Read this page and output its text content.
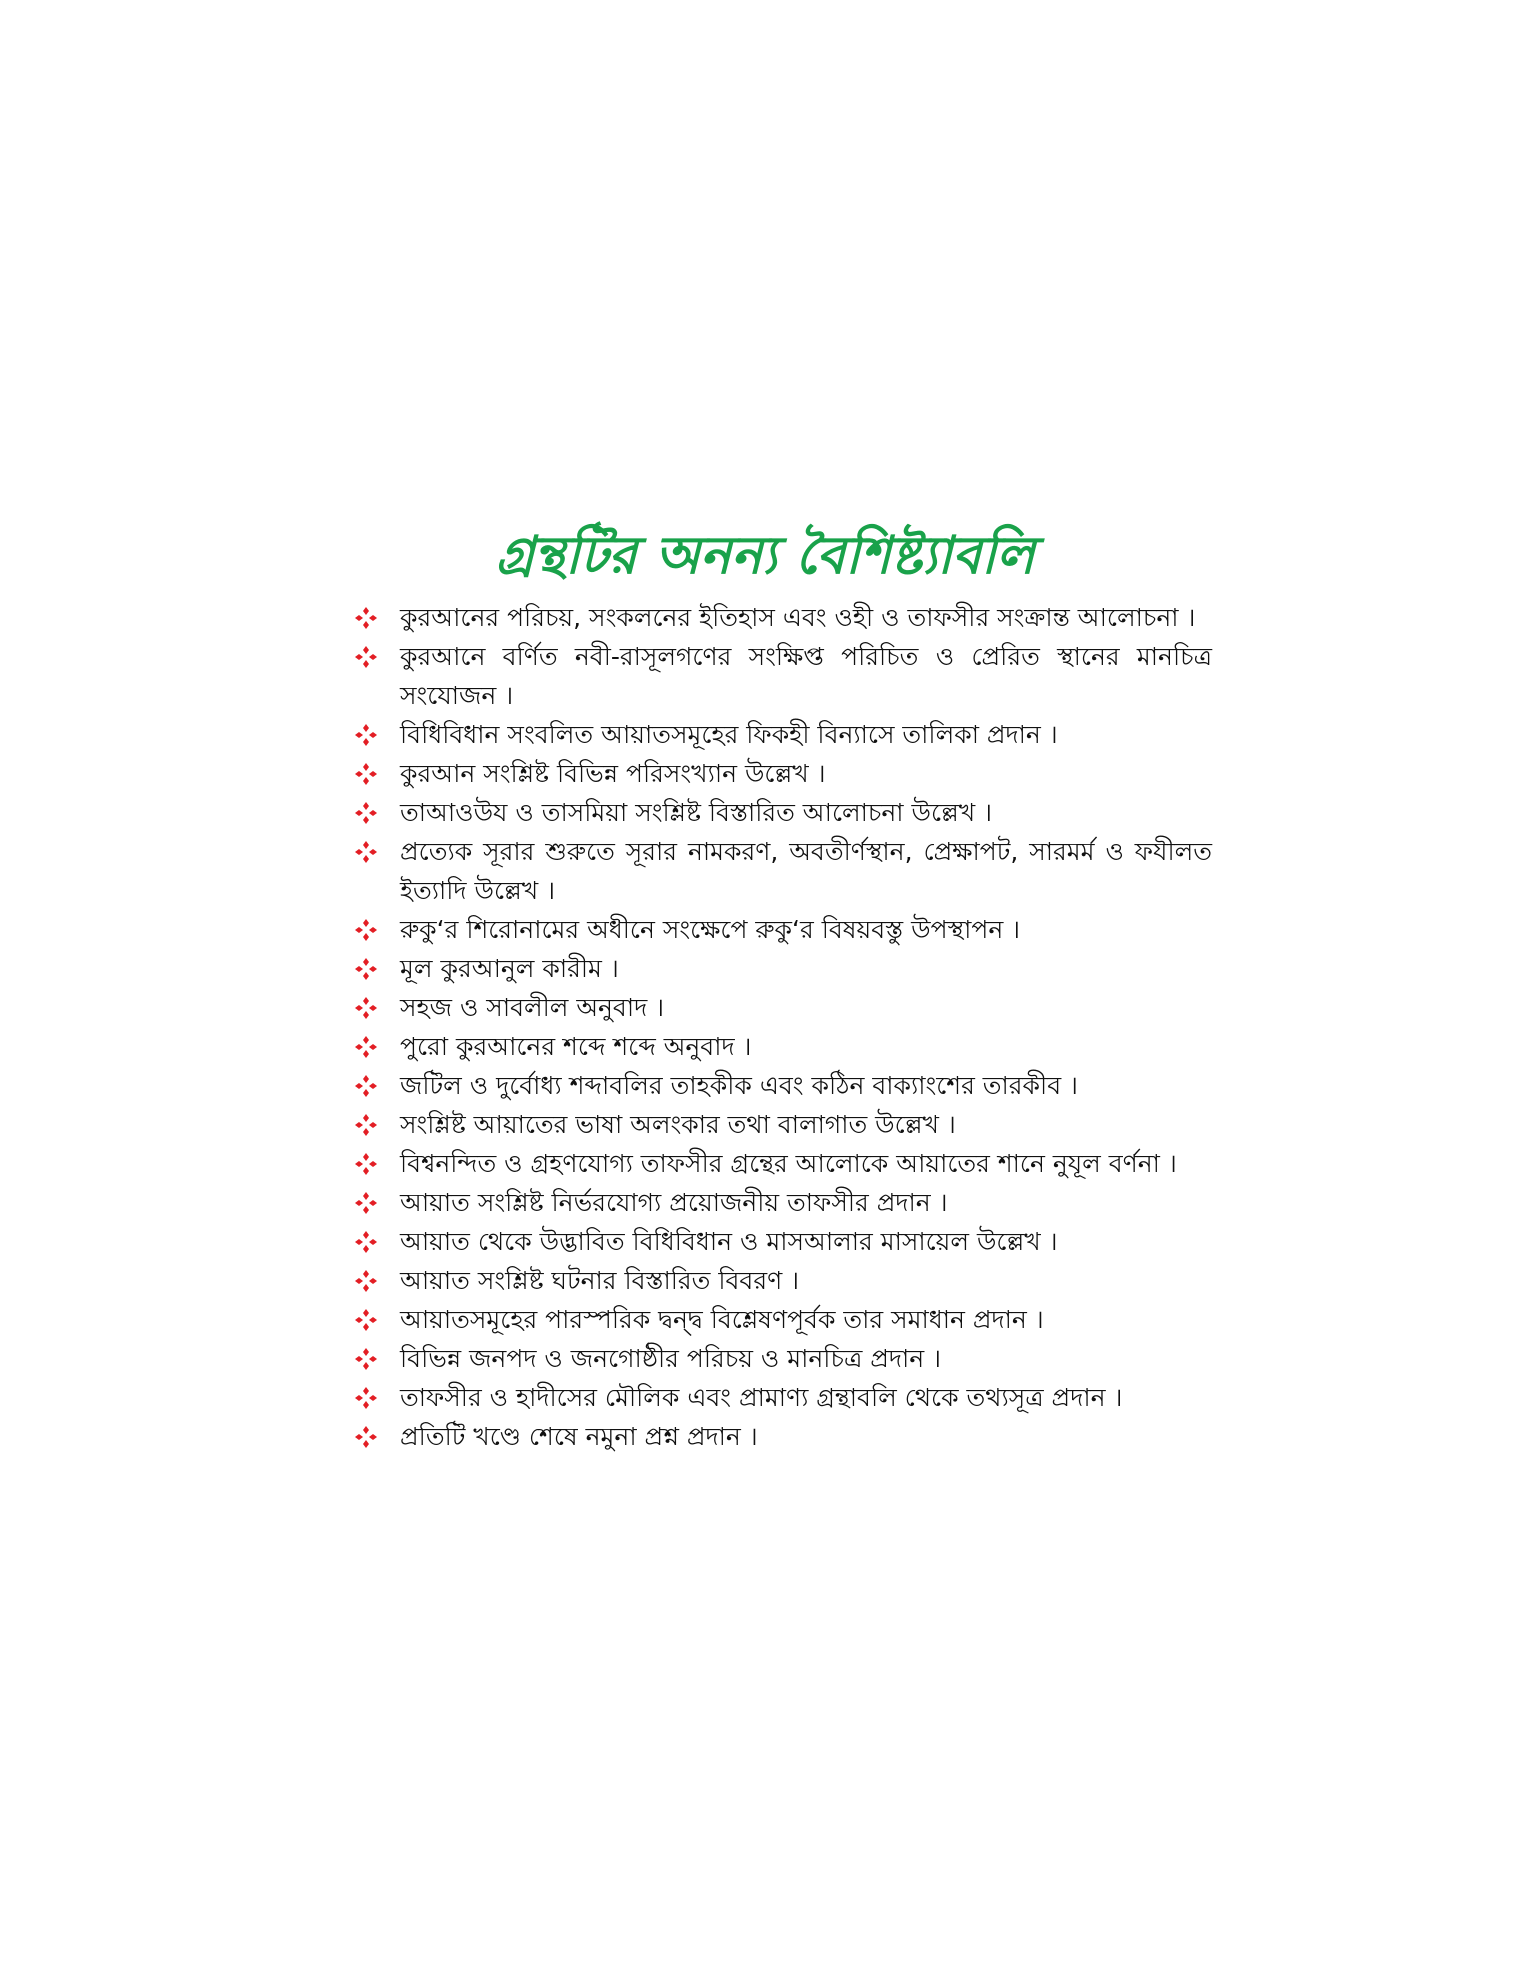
গ্রন্থটির অনন্য বৈশিষ্ট্যাবলি
কুরআনের পরিচয়, সংকলনের ইতিহাস এবং ওহী ও তাফসীর সংক্রান্ত আলোচনা ।
কুরআনে বর্ণিত নবী-রাসূলগণের সংক্ষিপ্ত পরিচিত ও প্রেরিত স্থানের মানচিত্র সংযোজন ।
বিধিবিধান সংবলিত আয়াতসমূহের ফিকহী বিন্যাসে তালিকা প্রদান ।
কুরআন সংশ্লিষ্ট বিভিন্ন পরিসংখ্যান উল্লেখ ।
তাআওউয ও তাসমিয়া সংশ্লিষ্ট বিস্তারিত আলোচনা উল্লেখ ।
প্রত্যেক সূরার শুরুতে সূরার নামকরণ, অবতীর্ণস্থান, প্রেক্ষাপট, সারমর্ম ও ফযীলত ইত্যাদি উল্লেখ ।
রুকু‘র শিরোনামের অধীনে সংক্ষেপে রুকু‘র বিষয়বস্তু উপস্থাপন ।
মূল কুরআনুল কারীম ।
সহজ ও সাবলীল অনুবাদ ।
পুরো কুরআনের শব্দে শব্দে অনুবাদ ।
জটিল ও দুর্বোধ্য শব্দাবলির তাহকীক এবং কঠিন বাক্যাংশের তারকীব ।
সংশ্লিষ্ট আয়াতের ভাষা অলংকার তথা বালাগাত উল্লেখ ।
বিশ্বনন্দিত ও গ্রহণযোগ্য তাফসীর গ্রন্থের আলোকে আয়াতের শানে নুযূল বর্ণনা ।
আয়াত সংশ্লিষ্ট নির্ভরযোগ্য প্রয়োজনীয় তাফসীর প্রদান ।
আয়াত থেকে উদ্ভাবিত বিধিবিধান ও মাসআলার মাসায়েল উল্লেখ ।
আয়াত সংশ্লিষ্ট ঘটনার বিস্তারিত বিবরণ ।
আয়াতসমূহের পারস্পরিক দ্বন্দ্ব বিশ্লেষণপূর্বক তার সমাধান প্রদান ।
বিভিন্ন জনপদ ও জনগোষ্ঠীর পরিচয় ও মানচিত্র প্রদান ।
তাফসীর ও হাদীসের মৌলিক এবং প্রামাণ্য গ্রন্থাবলি থেকে তথ্যসূত্র প্রদান ।
প্রতিটি খণ্ডে শেষে নমুনা প্রশ্ন প্রদান ।
